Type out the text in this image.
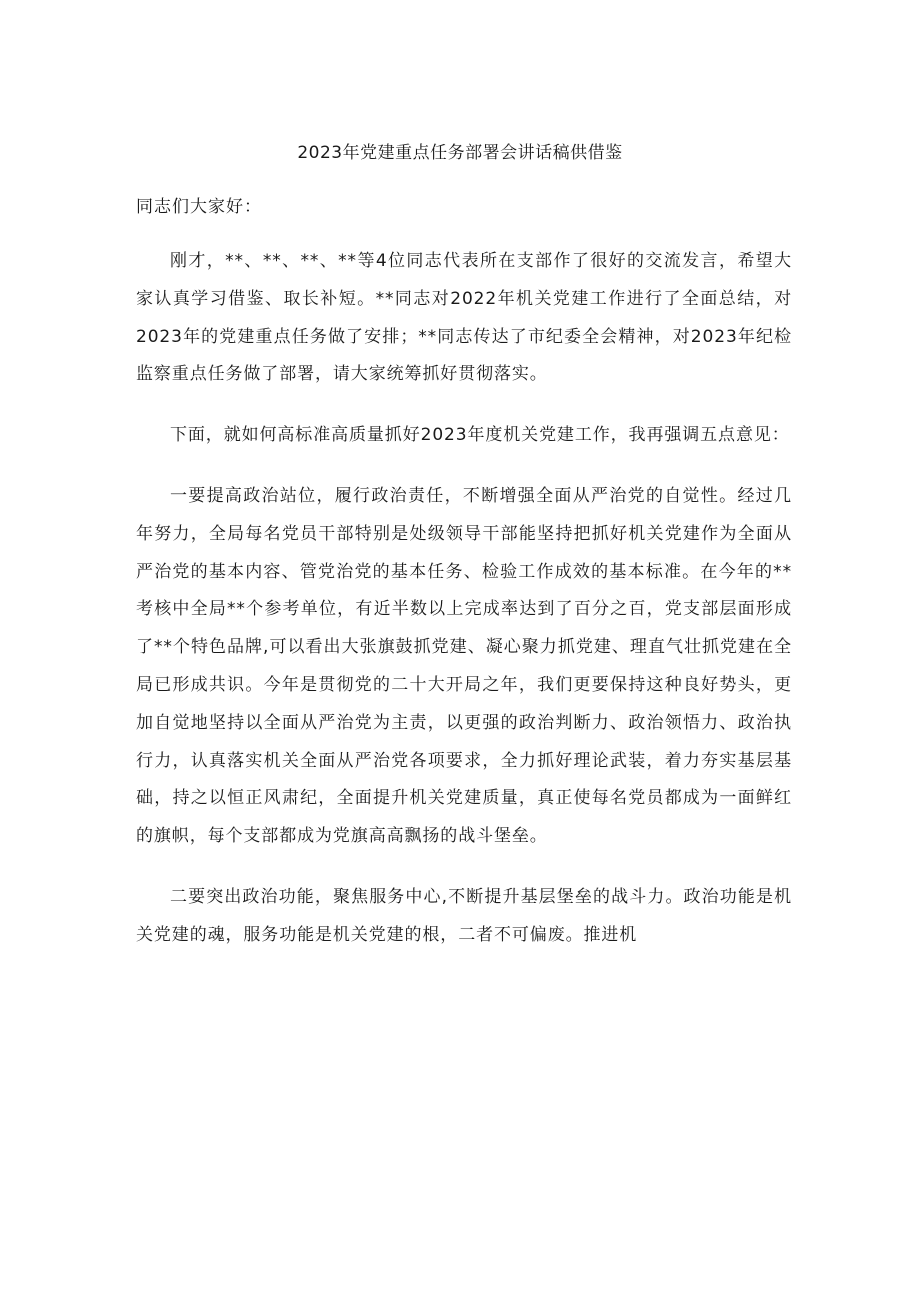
2023年党建重点任务部署会讲话稿供借鉴
同志们大家好：

刚才，**、**、**、**等4位同志代表所在支部作了很好的交流发言，希望大家认真学习借鉴、取长补短。**同志对2022年机关党建工作进行了全面总结，对2023年的党建重点任务做了安排；**同志传达了市纪委全会精神，对2023年纪检监察重点任务做了部署，请大家统筹抓好贯彻落实。

下面，就如何高标准高质量抓好2023年度机关党建工作，我再强调五点意见：

一要提高政治站位，履行政治责任，不断增强全面从严治党的自觉性。经过几年努力，全局每名党员干部特别是处级领导干部能坚持把抓好机关党建作为全面从严治党的基本内容、管党治党的基本任务、检验工作成效的基本标准。在今年的**考核中全局**个参考单位，有近半数以上完成率达到了百分之百，党支部层面形成了**个特色品牌,可以看出大张旗鼓抓党建、凝心聚力抓党建、理直气壮抓党建在全局已形成共识。今年是贯彻党的二十大开局之年，我们更要保持这种良好势头，更加自觉地坚持以全面从严治党为主责，以更强的政治判断力、政治领悟力、政治执行力，认真落实机关全面从严治党各项要求，全力抓好理论武装，着力夯实基层基础，持之以恒正风肃纪，全面提升机关党建质量，真正使每名党员都成为一面鲜红的旗帜，每个支部都成为党旗高高飘扬的战斗堡垒。

二要突出政治功能，聚焦服务中心,不断提升基层堡垒的战斗力。政治功能是机关党建的魂，服务功能是机关党建的根，二者不可偏废。推进机
